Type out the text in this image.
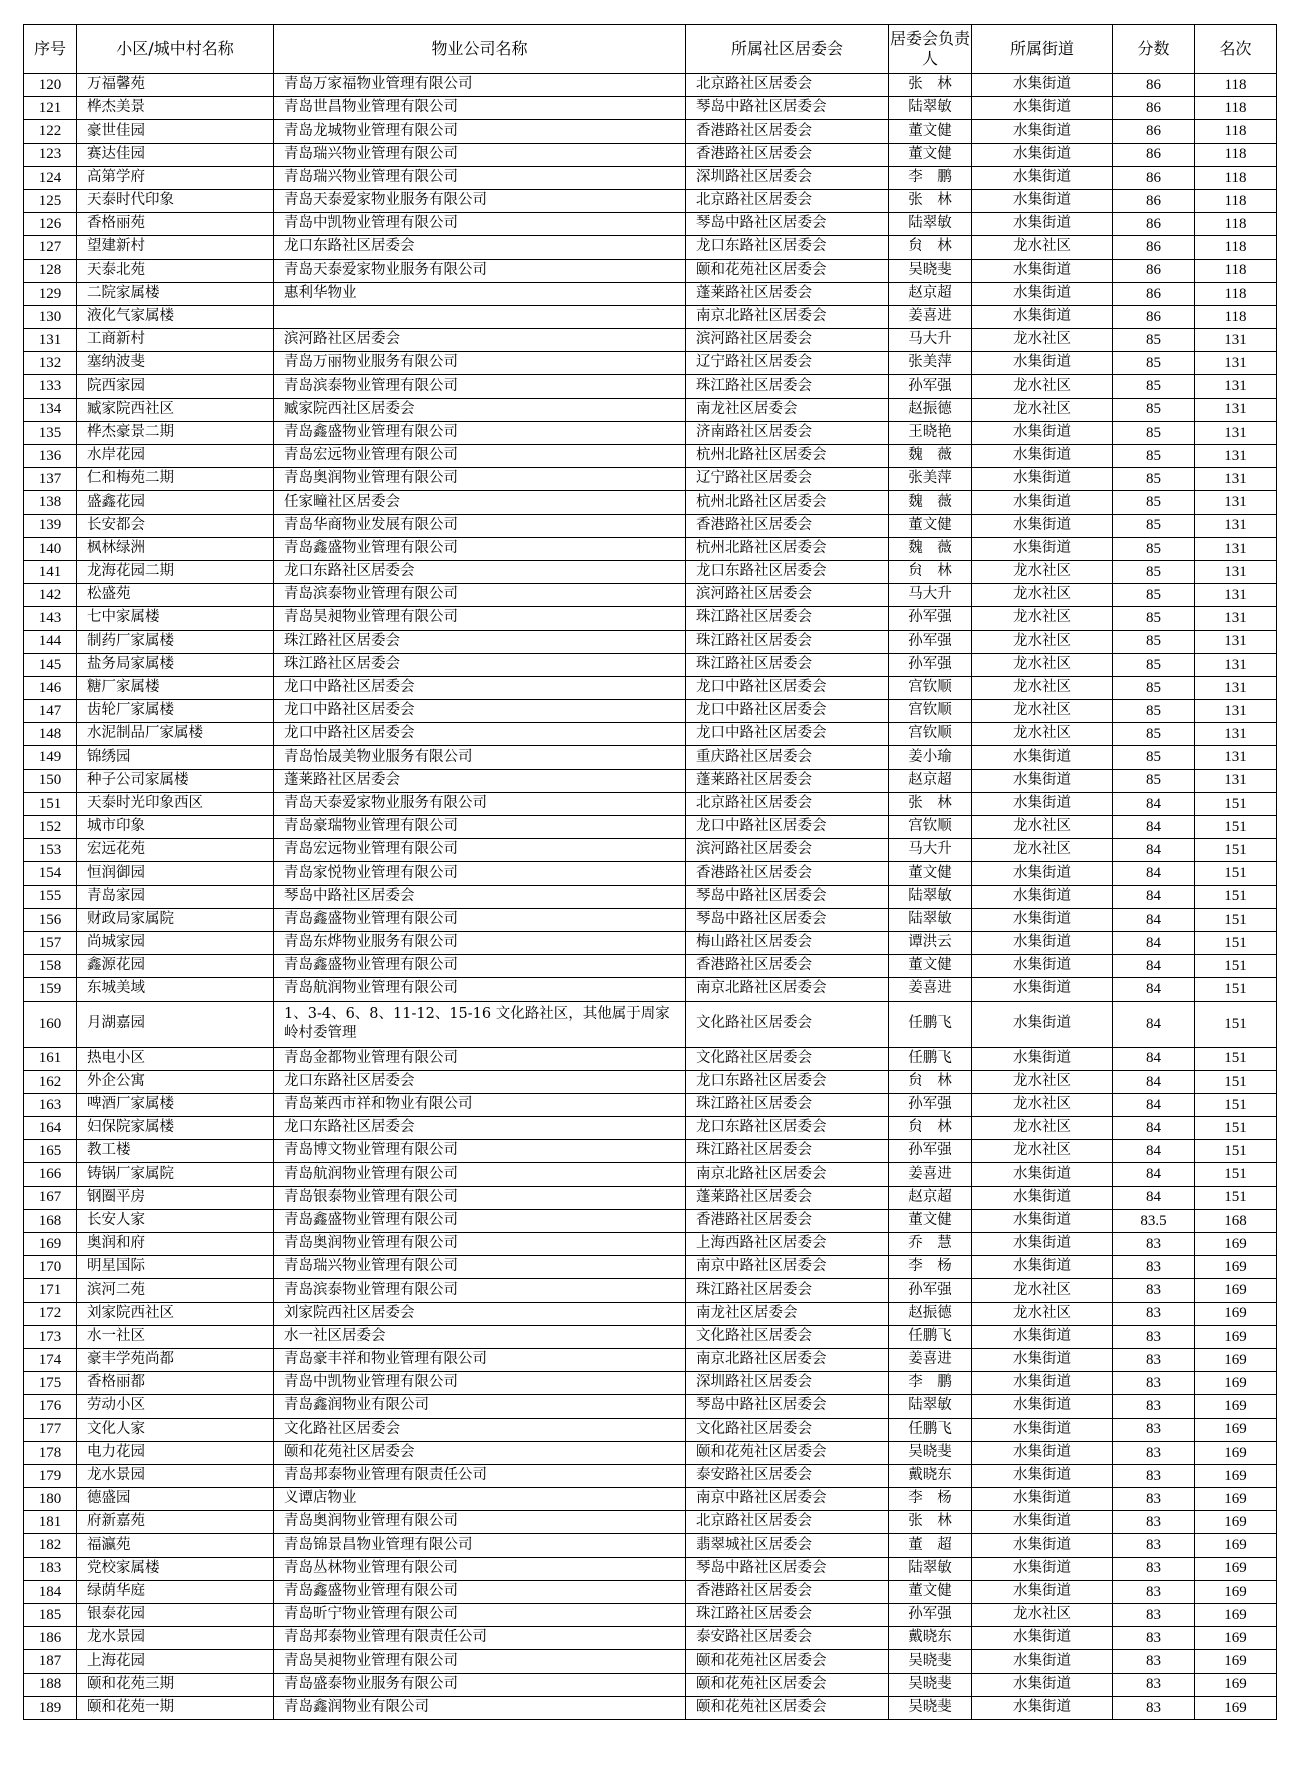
序号	小区/城中村名称	物业公司名称	所属社区居委会	居委会负责人	所属街道	分数	名次
120	万福馨苑	青岛万家福物业管理有限公司	北京路社区居委会	张　林	水集街道	86	118
121	桦杰美景	青岛世昌物业管理有限公司	琴岛中路社区居委会	陆翠敏	水集街道	86	118
122	豪世佳园	青岛龙城物业管理有限公司	香港路社区居委会	董文健	水集街道	86	118
123	赛达佳园	青岛瑞兴物业管理有限公司	香港路社区居委会	董文健	水集街道	86	118
124	高第学府	青岛瑞兴物业管理有限公司	深圳路社区居委会	李　鹏	水集街道	86	118
125	天泰时代印象	青岛天泰爱家物业服务有限公司	北京路社区居委会	张　林	水集街道	86	118
126	香格丽苑	青岛中凯物业管理有限公司	琴岛中路社区居委会	陆翠敏	水集街道	86	118
127	望建新村	龙口东路社区居委会	龙口东路社区居委会	贠　林	龙水社区	86	118
128	天泰北苑	青岛天泰爱家物业服务有限公司	颐和花苑社区居委会	吴晓斐	水集街道	86	118
129	二院家属楼	惠利华物业	蓬莱路社区居委会	赵京超	水集街道	86	118
130	液化气家属楼		南京北路社区居委会	姜喜进	水集街道	86	118
131	工商新村	滨河路社区居委会	滨河路社区居委会	马大升	龙水社区	85	131
132	塞纳波斐	青岛万丽物业服务有限公司	辽宁路社区居委会	张美萍	水集街道	85	131
133	院西家园	青岛滨泰物业管理有限公司	珠江路社区居委会	孙军强	龙水社区	85	131
134	臧家院西社区	臧家院西社区居委会	南龙社区居委会	赵振德	龙水社区	85	131
135	桦杰豪景二期	青岛鑫盛物业管理有限公司	济南路社区居委会	王晓艳	水集街道	85	131
136	水岸花园	青岛宏远物业管理有限公司	杭州北路社区居委会	魏　薇	水集街道	85	131
137	仁和梅苑二期	青岛奥润物业管理有限公司	辽宁路社区居委会	张美萍	水集街道	85	131
138	盛鑫花园	任家疃社区居委会	杭州北路社区居委会	魏　薇	水集街道	85	131
139	长安都会	青岛华商物业发展有限公司	香港路社区居委会	董文健	水集街道	85	131
140	枫林绿洲	青岛鑫盛物业管理有限公司	杭州北路社区居委会	魏　薇	水集街道	85	131
141	龙海花园二期	龙口东路社区居委会	龙口东路社区居委会	贠　林	龙水社区	85	131
142	松盛苑	青岛滨泰物业管理有限公司	滨河路社区居委会	马大升	龙水社区	85	131
143	七中家属楼	青岛昊昶物业管理有限公司	珠江路社区居委会	孙军强	龙水社区	85	131
144	制药厂家属楼	珠江路社区居委会	珠江路社区居委会	孙军强	龙水社区	85	131
145	盐务局家属楼	珠江路社区居委会	珠江路社区居委会	孙军强	龙水社区	85	131
146	糖厂家属楼	龙口中路社区居委会	龙口中路社区居委会	宫钦顺	龙水社区	85	131
147	齿轮厂家属楼	龙口中路社区居委会	龙口中路社区居委会	宫钦顺	龙水社区	85	131
148	水泥制品厂家属楼	龙口中路社区居委会	龙口中路社区居委会	宫钦顺	龙水社区	85	131
149	锦绣园	青岛怡晟美物业服务有限公司	重庆路社区居委会	姜小瑜	水集街道	85	131
150	种子公司家属楼	蓬莱路社区居委会	蓬莱路社区居委会	赵京超	水集街道	85	131
151	天泰时光印象西区	青岛天泰爱家物业服务有限公司	北京路社区居委会	张　林	水集街道	84	151
152	城市印象	青岛豪瑞物业管理有限公司	龙口中路社区居委会	宫钦顺	龙水社区	84	151
153	宏远花苑	青岛宏远物业管理有限公司	滨河路社区居委会	马大升	龙水社区	84	151
154	恒润御园	青岛家悦物业管理有限公司	香港路社区居委会	董文健	水集街道	84	151
155	青岛家园	琴岛中路社区居委会	琴岛中路社区居委会	陆翠敏	水集街道	84	151
156	财政局家属院	青岛鑫盛物业管理有限公司	琴岛中路社区居委会	陆翠敏	水集街道	84	151
157	尚城家园	青岛东烨物业服务有限公司	梅山路社区居委会	谭洪云	水集街道	84	151
158	鑫源花园	青岛鑫盛物业管理有限公司	香港路社区居委会	董文健	水集街道	84	151
159	东城美域	青岛航润物业管理有限公司	南京北路社区居委会	姜喜进	水集街道	84	151
160	月湖嘉园	1、3-4、6、8、11-12、15-16 文化路社区，其他属于周家岭村委管理	文化路社区居委会	任鹏飞	水集街道	84	151
161	热电小区	青岛金都物业管理有限公司	文化路社区居委会	任鹏飞	水集街道	84	151
162	外企公寓	龙口东路社区居委会	龙口东路社区居委会	贠　林	龙水社区	84	151
163	啤酒厂家属楼	青岛莱西市祥和物业有限公司	珠江路社区居委会	孙军强	龙水社区	84	151
164	妇保院家属楼	龙口东路社区居委会	龙口东路社区居委会	贠　林	龙水社区	84	151
165	教工楼	青岛博文物业管理有限公司	珠江路社区居委会	孙军强	龙水社区	84	151
166	铸锅厂家属院	青岛航润物业管理有限公司	南京北路社区居委会	姜喜进	水集街道	84	151
167	钢圈平房	青岛银泰物业管理有限公司	蓬莱路社区居委会	赵京超	水集街道	84	151
168	长安人家	青岛鑫盛物业管理有限公司	香港路社区居委会	董文健	水集街道	83.5	168
169	奥润和府	青岛奥润物业管理有限公司	上海西路社区居委会	乔　慧	水集街道	83	169
170	明星国际	青岛瑞兴物业管理有限公司	南京中路社区居委会	李　杨	水集街道	83	169
171	滨河二苑	青岛滨泰物业管理有限公司	珠江路社区居委会	孙军强	龙水社区	83	169
172	刘家院西社区	刘家院西社区居委会	南龙社区居委会	赵振德	龙水社区	83	169
173	水一社区	水一社区居委会	文化路社区居委会	任鹏飞	水集街道	83	169
174	豪丰学苑尚都	青岛豪丰祥和物业管理有限公司	南京北路社区居委会	姜喜进	水集街道	83	169
175	香格丽都	青岛中凯物业管理有限公司	深圳路社区居委会	李　鹏	水集街道	83	169
176	劳动小区	青岛鑫润物业有限公司	琴岛中路社区居委会	陆翠敏	水集街道	83	169
177	文化人家	文化路社区居委会	文化路社区居委会	任鹏飞	水集街道	83	169
178	电力花园	颐和花苑社区居委会	颐和花苑社区居委会	吴晓斐	水集街道	83	169
179	龙水景园	青岛邦泰物业管理有限责任公司	泰安路社区居委会	戴晓东	水集街道	83	169
180	德盛园	义谭店物业	南京中路社区居委会	李　杨	水集街道	83	169
181	府新嘉苑	青岛奥润物业管理有限公司	北京路社区居委会	张　林	水集街道	83	169
182	福瀛苑	青岛锦景昌物业管理有限公司	翡翠城社区居委会	董　超	水集街道	83	169
183	党校家属楼	青岛丛林物业管理有限公司	琴岛中路社区居委会	陆翠敏	水集街道	83	169
184	绿荫华庭	青岛鑫盛物业管理有限公司	香港路社区居委会	董文健	水集街道	83	169
185	银泰花园	青岛昕宁物业管理有限公司	珠江路社区居委会	孙军强	龙水社区	83	169
186	龙水景园	青岛邦泰物业管理有限责任公司	泰安路社区居委会	戴晓东	水集街道	83	169
187	上海花园	青岛昊昶物业管理有限公司	颐和花苑社区居委会	吴晓斐	水集街道	83	169
188	颐和花苑三期	青岛盛泰物业服务有限公司	颐和花苑社区居委会	吴晓斐	水集街道	83	169
189	颐和花苑一期	青岛鑫润物业有限公司	颐和花苑社区居委会	吴晓斐	水集街道	83	169
